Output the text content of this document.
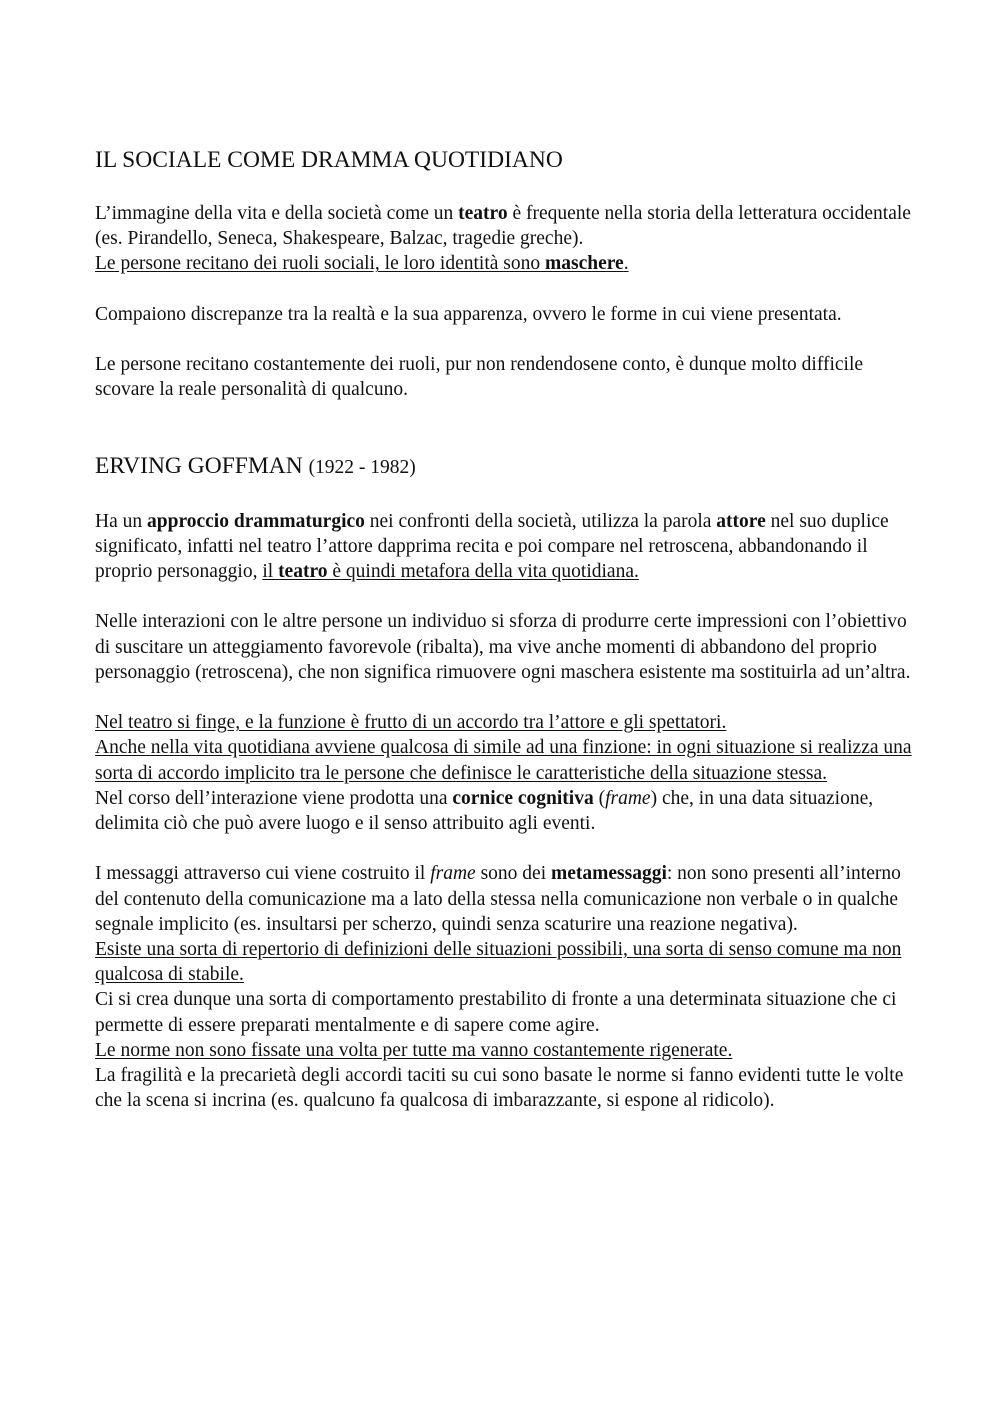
IL SOCIALE COME DRAMMA QUOTIDIANO

L’immagine della vita e della società come un teatro è frequente nella storia della letteratura occidentale (es. Pirandello, Seneca, Shakespeare, Balzac, tragedie greche).

Le persone recitano dei ruoli sociali, le loro identità sono maschere.

Compaiono discrepanze tra la realtà e la sua apparenza, ovvero le forme in cui viene presentata.

Le persone recitano costantemente dei ruoli, pur non rendendosene conto, è dunque molto difficile scovare la reale personalità di qualcuno.

ERVING GOFFMAN (1922 - 1982)

Ha un approccio drammaturgico nei confronti della società, utilizza la parola attore nel suo duplice significato, infatti nel teatro l’attore dapprima recita e poi compare nel retroscena, abbandonando il proprio personaggio, il teatro è quindi metafora della vita quotidiana.

Nelle interazioni con le altre persone un individuo si sforza di produrre certe impressioni con l’obiettivo di suscitare un atteggiamento favorevole (ribalta), ma vive anche momenti di abbandono del proprio personaggio (retroscena), che non significa rimuovere ogni maschera esistente ma sostituirla ad un’altra.

Nel teatro si finge, e la funzione è frutto di un accordo tra l’attore e gli spettatori.

Anche nella vita quotidiana avviene qualcosa di simile ad una finzione: in ogni situazione si realizza una sorta di accordo implicito tra le persone che definisce le caratteristiche della situazione stessa.

Nel corso dell’interazione viene prodotta una cornice cognitiva (frame) che, in una data situazione, delimita ciò che può avere luogo e il senso attribuito agli eventi.

I messaggi attraverso cui viene costruito il frame sono dei metamessaggi: non sono presenti all’interno del contenuto della comunicazione ma a lato della stessa nella comunicazione non verbale o in qualche segnale implicito (es. insultarsi per scherzo, quindi senza scaturire una reazione negativa).

Esiste una sorta di repertorio di definizioni delle situazioni possibili, una sorta di senso comune ma non qualcosa di stabile.

Ci si crea dunque una sorta di comportamento prestabilito di fronte a una determinata situazione che ci permette di essere preparati mentalmente e di sapere come agire.

Le norme non sono fissate una volta per tutte ma vanno costantemente rigenerate.

La fragilità e la precarietà degli accordi taciti su cui sono basate le norme si fanno evidenti tutte le volte che la scena si incrina (es. qualcuno fa qualcosa di imbarazzante, si espone al ridicolo).
